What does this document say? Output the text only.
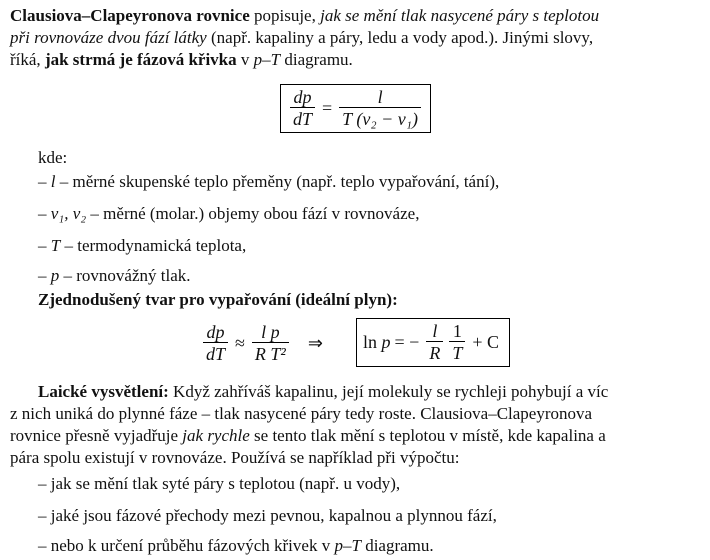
Clausiova–Clapeyronova rovnice popisuje, jak se mění tlak nasycené páry s teplotou
při rovnováze dvou fází látky (např. kapaliny a páry, ledu a vody apod.). Jinými slovy,
říká, jak strmá je fázová křivka v p–T diagramu.
$\frac{dp}{dT} = \frac{l}{\text{T (v₂ − v₁)}}$
kde:
– l – měrné skupenské teplo přeměny (např. teplo vypařování, tání),
– v₁, v₂ – měrné (molar.) objemy obou fází v rovnováze,
– T – termodynamická teplota,
– p – rovnovážný tlak.
Zjednodušený tvar pro vypařování (ideální plyn):
$\frac{dp}{dT} \approx \frac{\text{l p}}{\text{R T²}}$ ⇒ ln
p = − $\frac{l}{R} \frac{1}{T} + C$
Laické vysvětlení: Když zahříváš kapalinu, její molekuly se rychleji pohybují a víc
z nich uniká do plynné fáze – tlak nasycené páry tedy roste. Clausiova–Clapeyronova
rovnice přesně vyjadřuje jak rychle se tento tlak mění s teplotou v místě, kde kapalina a
pára spolu existují v rovnováze. Používá se například při výpočtu:
– jak se mění tlak syté páry s teplotou (např. u vody),
– jaké jsou fázové přechody mezi pevnou, kapalnou a plynnou fází,
– nebo k určení průběhu fázových křivek v p–T diagramu.
